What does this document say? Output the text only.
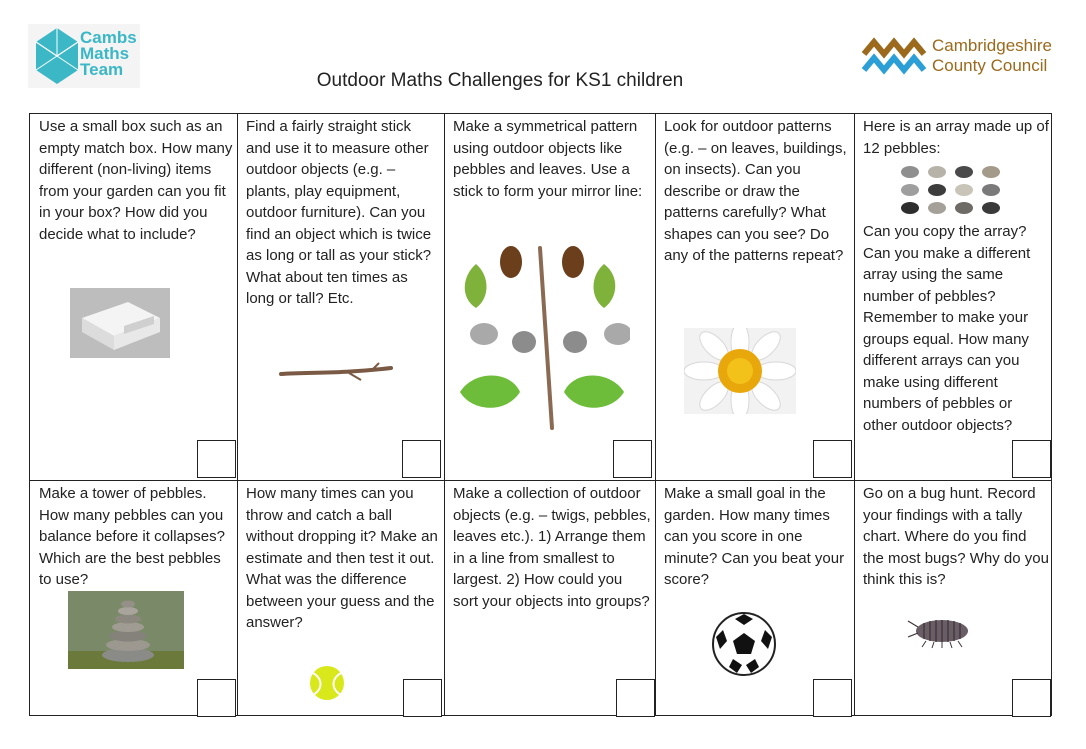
Cambs
Maths
Team
Outdoor Maths Challenges for KS1 children
Cambridgeshire
County Council
Use a small box such as an empty match box. How many different (non-living) items from your garden can you fit in your box? How did you decide what to include?
Find a fairly straight stick and use it to measure other outdoor objects (e.g. – plants, play equipment, outdoor furniture). Can you find an object which is twice as long or tall as your stick? What about ten times as long or tall? Etc.
Make a symmetrical pattern using outdoor objects like pebbles and leaves. Use a stick to form your mirror line:
Look for outdoor patterns (e.g. – on leaves, buildings, on insects). Can you describe or draw the patterns carefully? What shapes can you see? Do any of the patterns repeat?
Here is an array made up of 12 pebbles:
Can you copy the array? Can you make a different array using the same number of pebbles? Remember to make your groups equal. How many different arrays can you make using different numbers of pebbles or other outdoor objects?
Make a tower of pebbles. How many pebbles can you balance before it collapses? Which are the best pebbles to use?
How many times can you throw and catch a ball without dropping it? Make an estimate and then test it out. What was the difference between your guess and the answer?
Make a collection of outdoor objects (e.g. – twigs, pebbles, leaves etc.). 1) Arrange them in a line from smallest to largest. 2) How could you sort your objects into groups?
Make a small goal in the garden. How many times can you score in one minute? Can you beat your score?
Go on a bug hunt. Record your findings with a tally chart. Where do you find the most bugs? Why do you think this is?
